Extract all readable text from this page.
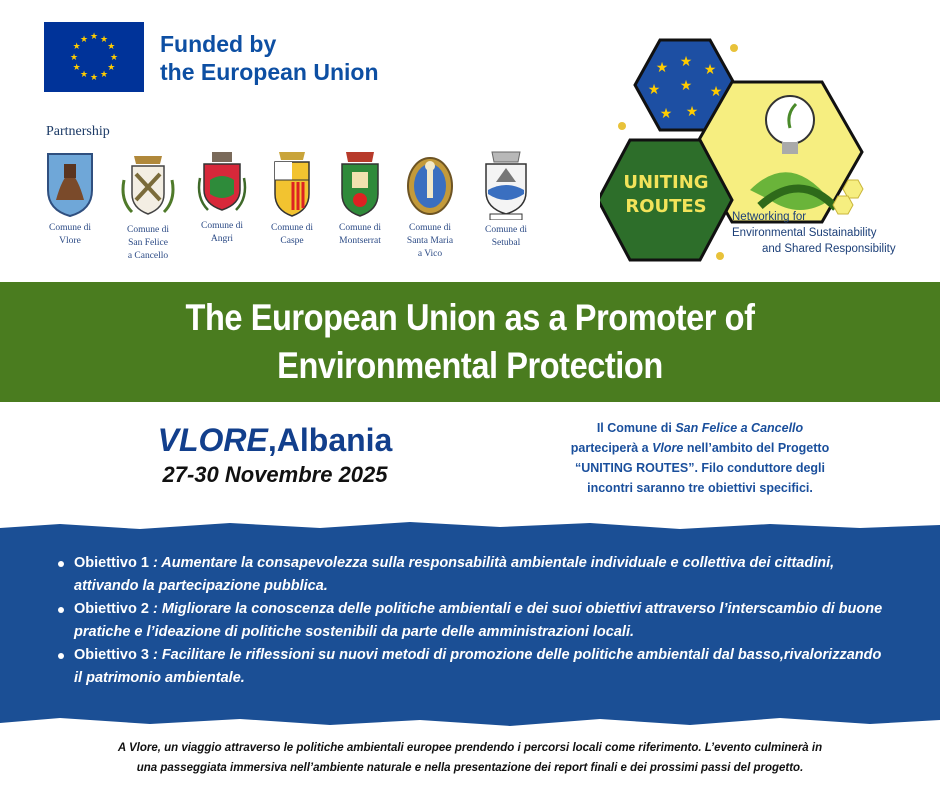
★ ★
★
★
★
★
★
★
★
★
★
★	Funded by
the European Union
Partnership
Comune di
Vlore
Comune di
San Felice
a Cancello
Comune di
Angri
Comune di
Caspe
Comune di
Montserrat
Comune di
Santa Maria
a Vico
Comune di
Setubal
★ ★ ★
★ ★ ★
★ ★
UNITING
ROUTES Networking for
Environmental Sustainability
and Shared Responsibility
The European Union as a Promoter of
Environmental Protection
VLORE,Albania
27-30 Novembre 2025
Il Comune di San Felice a Cancello
parteciperà a Vlore nell’ambito del Progetto
“UNITING ROUTES”. Filo conduttore degli
incontri saranno tre obiettivi specifici.
Obiettivo 1 : Aumentare la consapevolezza sulla responsabilità ambientale individuale e collettiva dei cittadini, attivando la partecipazione pubblica.
Obiettivo 2 : Migliorare la conoscenza delle politiche ambientali e dei suoi obiettivi attraverso l’interscambio di buone pratiche e l’ideazione di politiche sostenibili da parte delle amministrazioni locali.
Obiettivo 3 : Facilitare le riflessioni su nuovi metodi di promozione delle politiche ambientali dal basso,rivalorizzando il patrimonio ambientale.
A Vlore, un viaggio attraverso le politiche ambientali europee prendendo i percorsi locali come riferimento. L’evento culminerà in
una passeggiata immersiva nell’ambiente naturale e nella presentazione dei report finali e dei prossimi passi del progetto.
